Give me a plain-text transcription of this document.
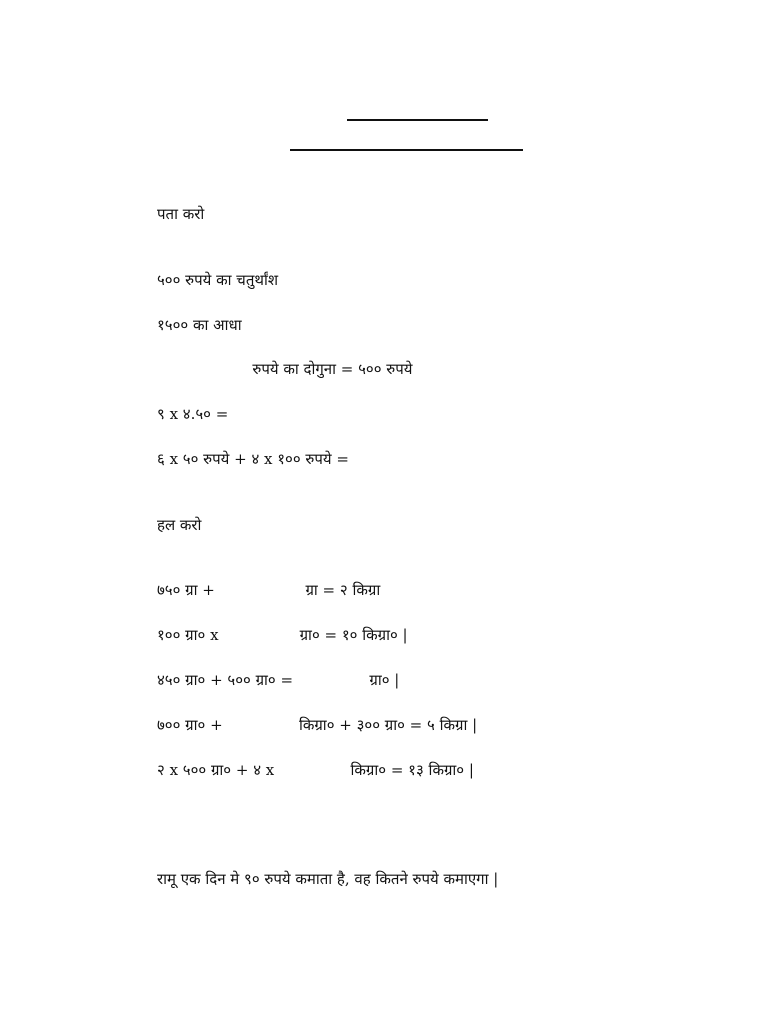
पता करो
५०० रुपये का चतुर्थांश
१५०० का आधा
रुपये का दोगुना = ५०० रुपये
९ x ४.५० =
६ x ५० रुपये + ४ x १०० रुपये =
हल करो
७५० ग्रा +                   ग्रा = २ किग्रा
१०० ग्रा० x                 ग्रा० = १० किग्रा० |
४५० ग्रा० + ५०० ग्रा० =                ग्रा० |
७०० ग्रा० +                किग्रा० + ३०० ग्रा० = ५ किग्रा |
२ x ५०० ग्रा० + ४ x                किग्रा० = १३ किग्रा० |
रामू एक दिन मे ९० रुपये कमाता है, वह कितने रुपये कमाएगा |
